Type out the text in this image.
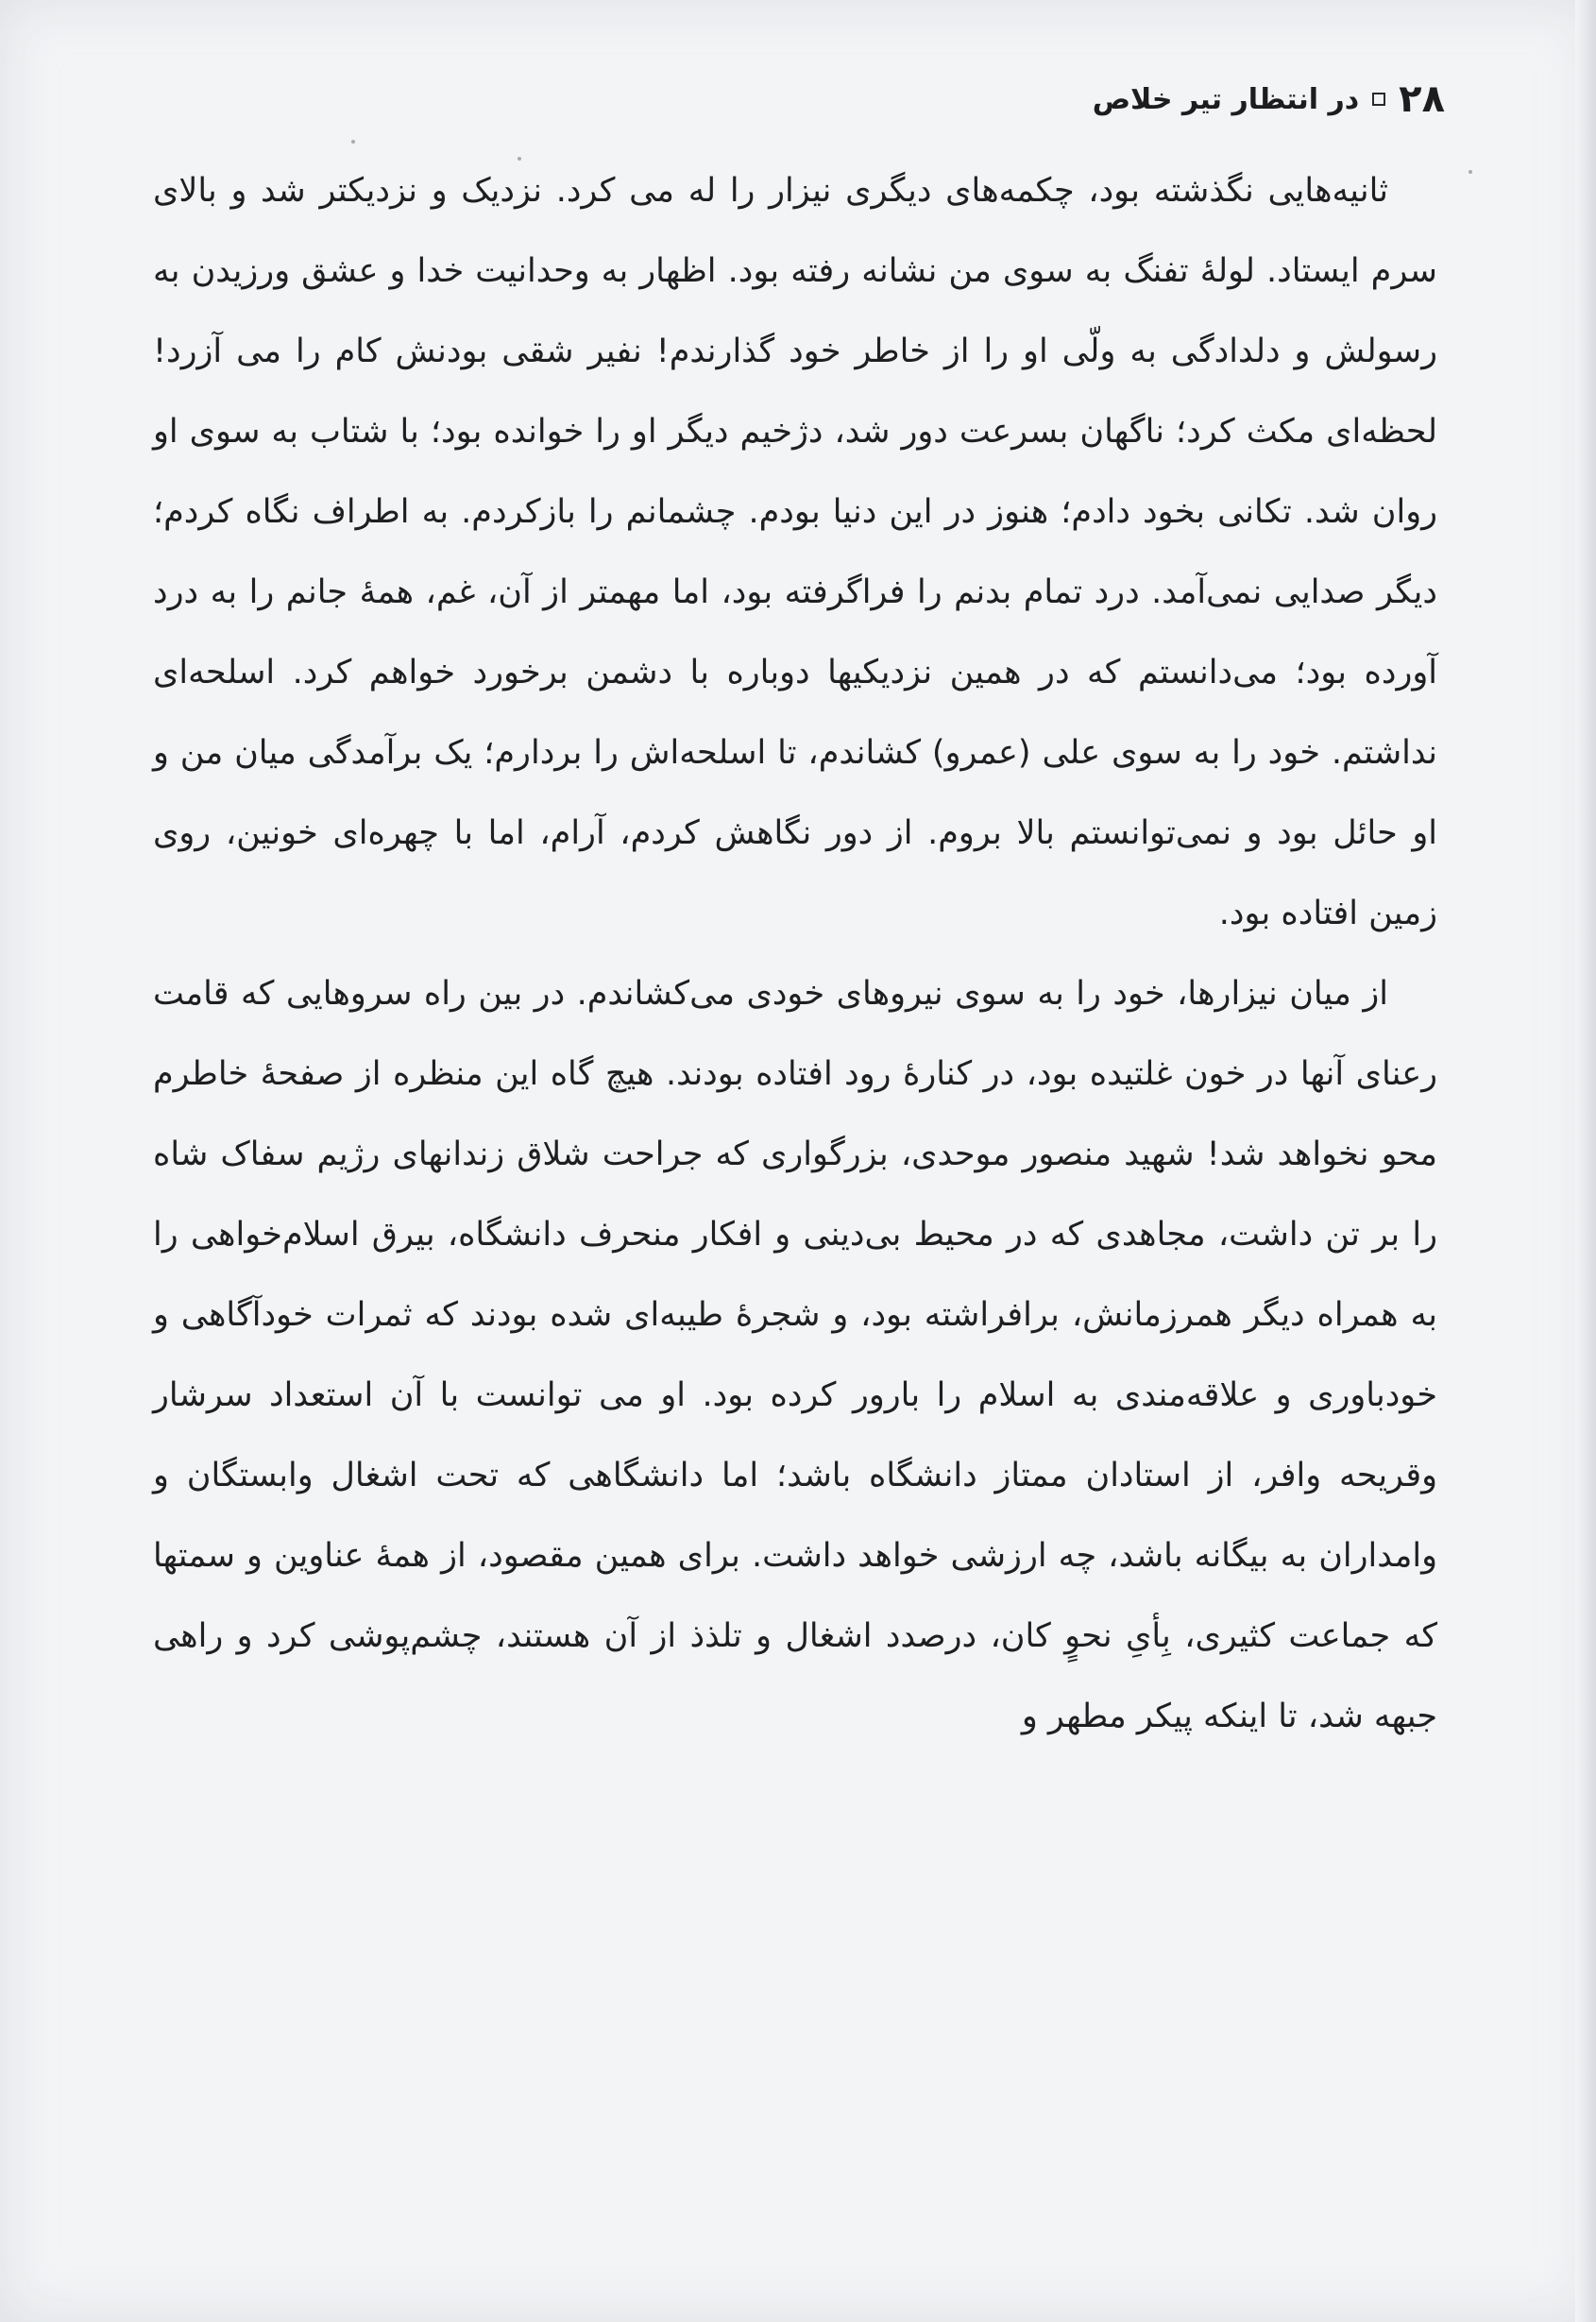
۲۸
در انتظار تیر خلاص

ثانیه‌هایی نگذشته بود، چکمه‌های دیگری نیزار را له می کرد. نزدیک و نزدیکتر شد و بالای سرم ایستاد. لولهٔ تفنگ به سوی من نشانه رفته بود. اظهار به وحدانیت خدا و عشق ورزیدن به رسولش و دلدادگی به ولّی او را از خاطر خود گذارندم! نفیر شقی بودنش کام را می آزرد! لحظه‌ای مکث کرد؛ ناگهان بسرعت دور شد، دژخیم دیگر او را خوانده بود؛ با شتاب به سوی او روان شد. تکانی بخود دادم؛ هنوز در این دنیا بودم. چشمانم را بازکردم. به اطراف نگاه کردم؛ دیگر صدایی نمی‌آمد. درد تمام بدنم را فراگرفته بود، اما مهمتر از آن، غم، همهٔ جانم را به درد آورده بود؛ می‌دانستم که در همین نزدیکیها دوباره با دشمن برخورد خواهم کرد. اسلحه‌ای نداشتم. خود را به سوی علی (عمرو) کشاندم، تا اسلحه‌اش را بردارم؛ یک برآمدگی میان من و او حائل بود و نمی‌توانستم بالا بروم. از دور نگاهش کردم، آرام، اما با چهره‌ای خونین، روی زمین افتاده بود.

از میان نیزارها، خود را به سوی نیروهای خودی می‌کشاندم. در بین راه سروهایی که قامت رعنای آنها در خون غلتیده بود، در کنارهٔ رود افتاده بودند. هیچ گاه این منظره از صفحهٔ خاطرم محو نخواهد شد! شهید منصور موحدی، بزرگواری که جراحت شلاق زندانهای رژیم سفاک شاه را بر تن داشت، مجاهدی که در محیط بی‌دینی و افکار منحرف دانشگاه، بیرق اسلام‌خواهی را به همراه دیگر همرزمانش، برافراشته بود، و شجرهٔ طیبه‌ای شده بودند که ثمرات خودآگاهی و خودباوری و علاقه‌مندی به اسلام را بارور کرده بود. او می توانست با آن استعداد سرشار وقریحه وافر، از استادان ممتاز دانشگاه باشد؛ اما دانشگاهی که تحت اشغال وابستگان و وامداران به بیگانه باشد، چه ارزشی خواهد داشت. برای همین مقصود، از همهٔ عناوین و سمتها که جماعت کثیری، بِأیِ نحوٍ کان، درصدد اشغال و تلذذ از آن هستند، چشم‌پوشی کرد و راهی جبهه شد، تا اینکه پیکر مطهر و
